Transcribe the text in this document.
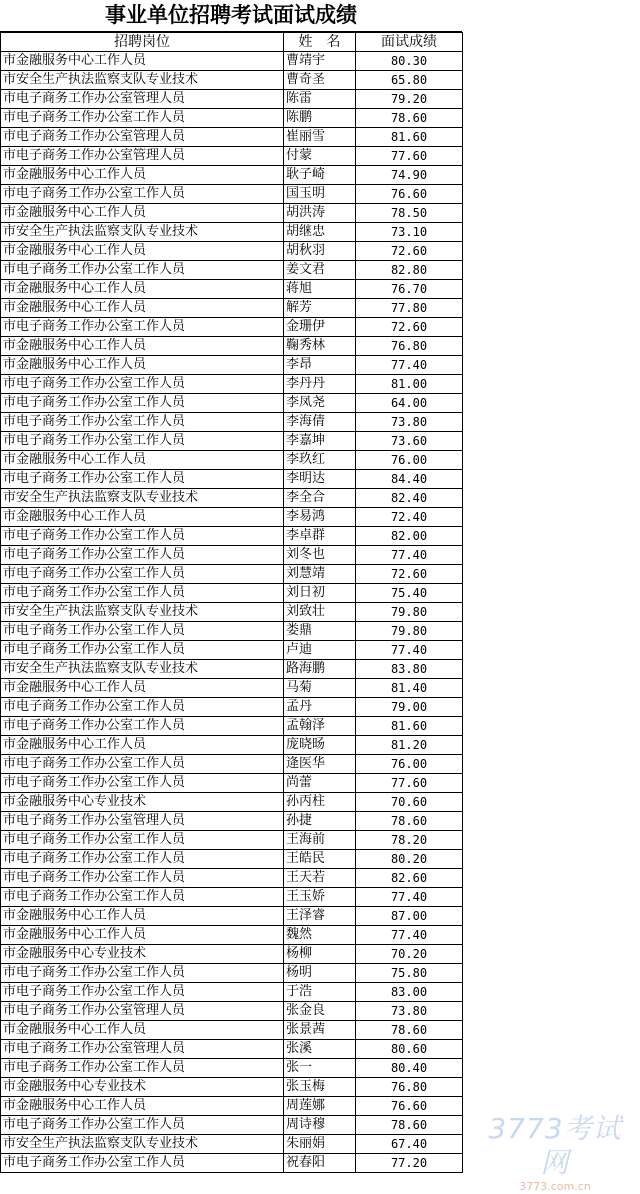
事业单位招聘考试面试成绩
招聘岗位	姓　名	面试成绩
市金融服务中心工作人员	曹靖宇	80.30
市安全生产执法监察支队专业技术	曹奇圣	65.80
市电子商务工作办公室管理人员	陈雷	79.20
市电子商务工作办公室工作人员	陈鹏	78.60
市电子商务工作办公室管理人员	崔丽雪	81.60
市电子商务工作办公室管理人员	付蒙	77.60
市金融服务中心工作人员	耿子崎	74.90
市电子商务工作办公室工作人员	国玉明	76.60
市金融服务中心工作人员	胡洪涛	78.50
市安全生产执法监察支队专业技术	胡继忠	73.10
市金融服务中心工作人员	胡秋羽	72.60
市电子商务工作办公室工作人员	姜文君	82.80
市金融服务中心工作人员	蒋旭	76.70
市金融服务中心工作人员	解芳	77.80
市电子商务工作办公室工作人员	金珊伊	72.60
市金融服务中心工作人员	鞠秀林	76.80
市金融服务中心工作人员	李昂	77.40
市电子商务工作办公室工作人员	李丹丹	81.00
市电子商务工作办公室工作人员	李凤尧	64.00
市电子商务工作办公室工作人员	李海倩	73.80
市电子商务工作办公室工作人员	李嘉坤	73.60
市金融服务中心工作人员	李玖红	76.00
市电子商务工作办公室工作人员	李明达	84.40
市安全生产执法监察支队专业技术	李全合	82.40
市金融服务中心工作人员	李易鸿	72.40
市电子商务工作办公室工作人员	李卓群	82.00
市电子商务工作办公室工作人员	刘冬也	77.40
市电子商务工作办公室工作人员	刘慧靖	72.60
市电子商务工作办公室工作人员	刘日初	75.40
市安全生产执法监察支队专业技术	刘致壮	79.80
市电子商务工作办公室工作人员	娄鼎	79.80
市电子商务工作办公室工作人员	卢迪	77.40
市安全生产执法监察支队专业技术	路海鹏	83.80
市金融服务中心工作人员	马菊	81.40
市电子商务工作办公室工作人员	孟丹	79.00
市电子商务工作办公室工作人员	孟翰泽	81.60
市金融服务中心工作人员	庞晓旸	81.20
市电子商务工作办公室工作人员	逄医华	76.00
市电子商务工作办公室工作人员	尚蕾	77.60
市金融服务中心专业技术	孙丙柱	70.60
市电子商务工作办公室管理人员	孙捷	78.60
市电子商务工作办公室工作人员	王海前	78.20
市电子商务工作办公室工作人员	王皓民	80.20
市电子商务工作办公室工作人员	王天若	82.60
市电子商务工作办公室工作人员	王玉娇	77.40
市金融服务中心工作人员	王泽睿	87.00
市金融服务中心工作人员	魏然	77.40
市金融服务中心专业技术	杨柳	70.20
市电子商务工作办公室工作人员	杨明	75.80
市电子商务工作办公室工作人员	于浩	83.00
市电子商务工作办公室管理人员	张金良	73.80
市金融服务中心工作人员	张景茜	78.60
市电子商务工作办公室管理人员	张溪	80.60
市电子商务工作办公室工作人员	张一	80.40
市金融服务中心专业技术	张玉梅	76.80
市金融服务中心工作人员	周莲娜	76.60
市电子商务工作办公室工作人员	周诗穆	78.60
市安全生产执法监察支队专业技术	朱丽娟	67.40
市电子商务工作办公室工作人员	祝春阳	77.20
3773考试网
3773.com.cn
